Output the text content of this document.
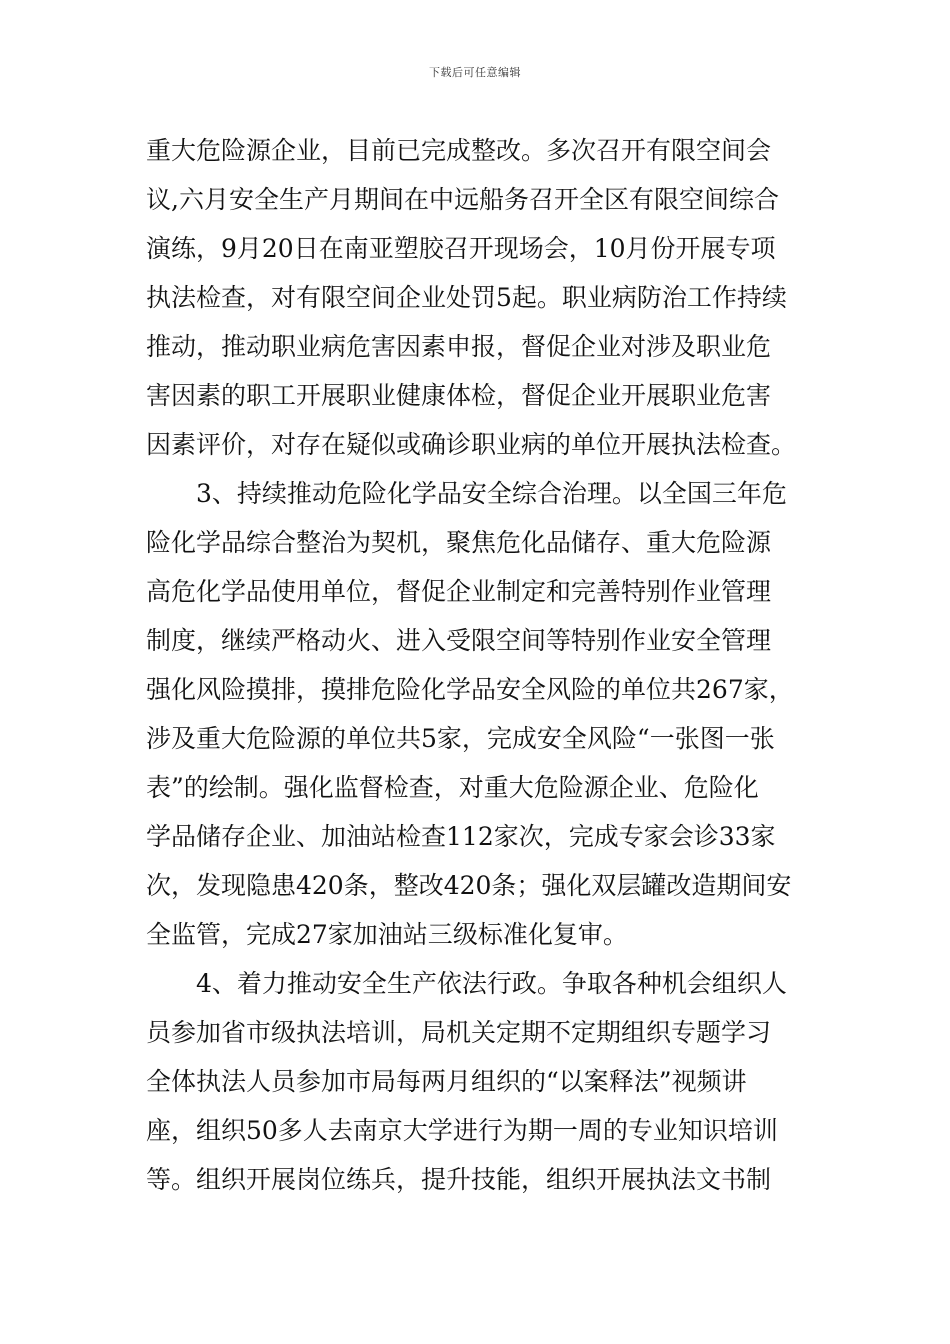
下载后可任意编辑
重大危险源企业，目前已完成整改。多次召开有限空间会
议,六月安全生产月期间在中远船务召开全区有限空间综合
演练，9月20日在南亚塑胶召开现场会，10月份开展专项
执法检查，对有限空间企业处罚5起。职业病防治工作持续
推动，推动职业病危害因素申报，督促企业对涉及职业危
害因素的职工开展职业健康体检，督促企业开展职业危害
因素评价，对存在疑似或确诊职业病的单位开展执法检查。
3、持续推动危险化学品安全综合治理。以全国三年危
险化学品综合整治为契机，聚焦危化品储存、重大危险源
高危化学品使用单位，督促企业制定和完善特别作业管理
制度，继续严格动火、进入受限空间等特别作业安全管理
强化风险摸排，摸排危险化学品安全风险的单位共267家，
涉及重大危险源的单位共5家，完成安全风险“一张图一张
表”的绘制。强化监督检查，对重大危险源企业、危险化
学品储存企业、加油站检查112家次，完成专家会诊33家
次，发现隐患420条，整改420条；强化双层罐改造期间安
全监管，完成27家加油站三级标准化复审。
4、着力推动安全生产依法行政。争取各种机会组织人
员参加省市级执法培训，局机关定期不定期组织专题学习
全体执法人员参加市局每两月组织的“以案释法”视频讲
座，组织50多人去南京大学进行为期一周的专业知识培训
等。组织开展岗位练兵，提升技能，组织开展执法文书制
